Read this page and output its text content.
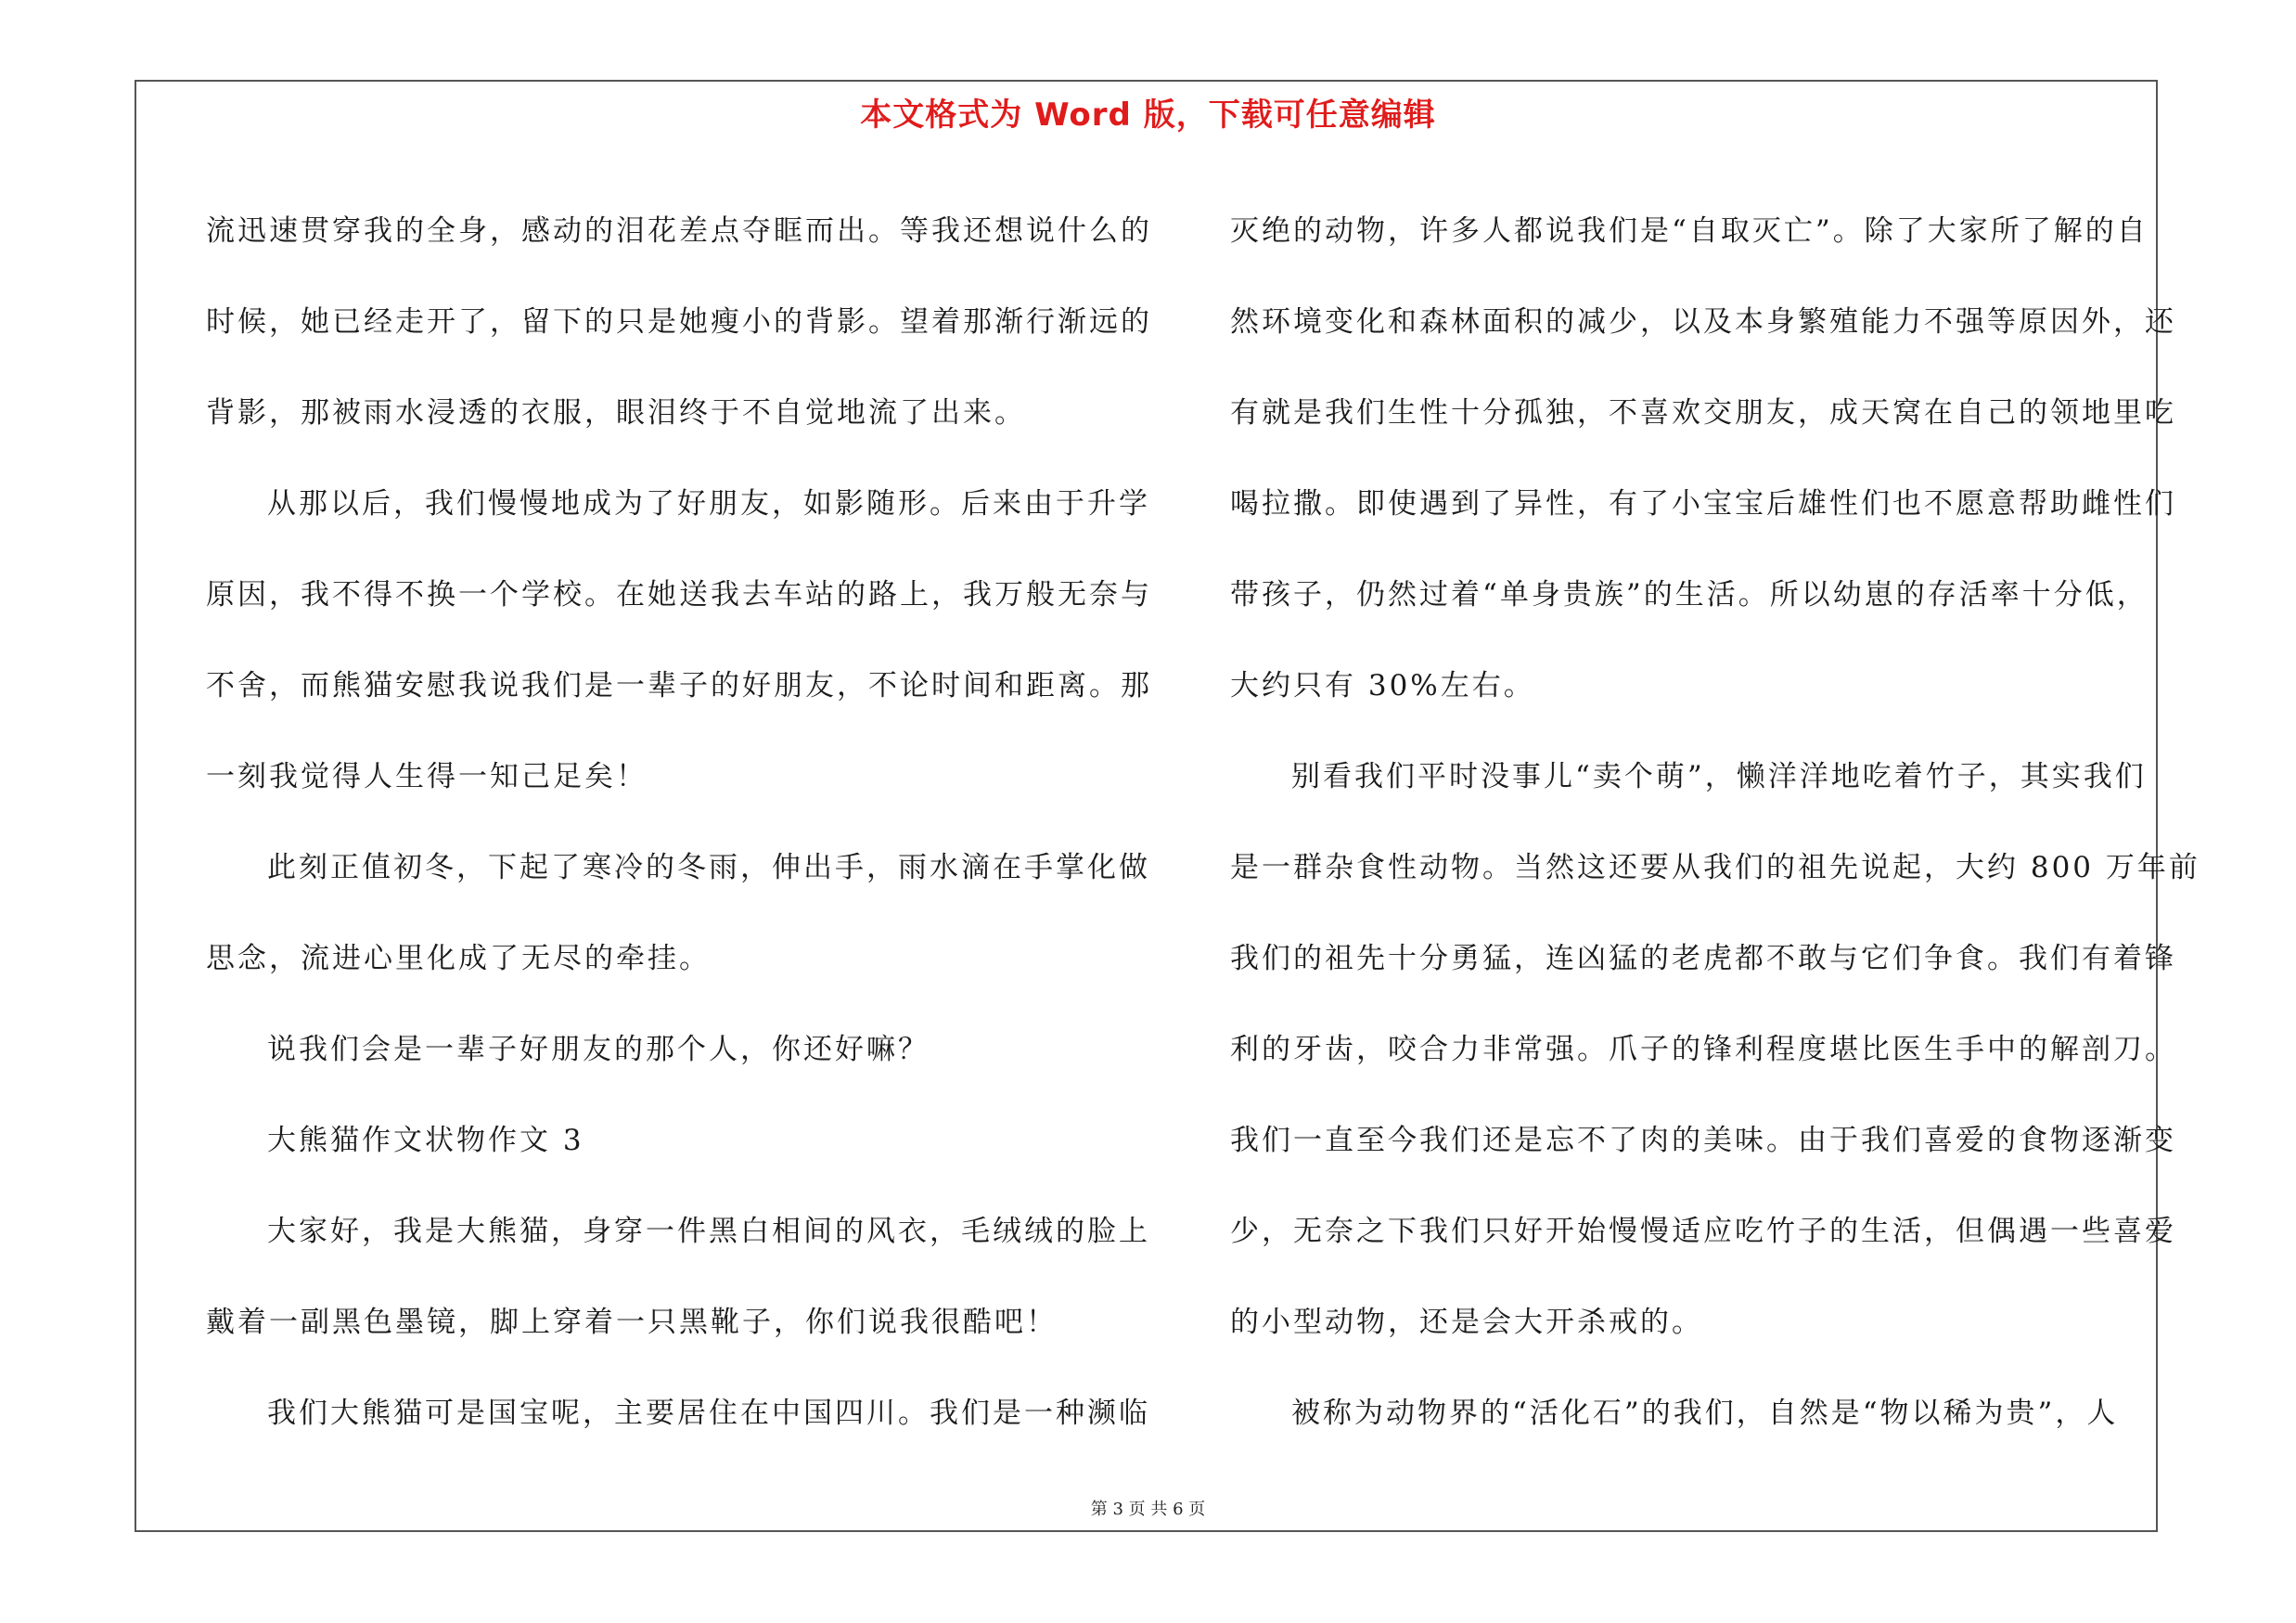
本文格式为 Word 版，下载可任意编辑
流迅速贯穿我的全身，感动的泪花差点夺眶而出。等我还想说什么的
时候，她已经走开了，留下的只是她瘦小的背影。望着那渐行渐远的
背影，那被雨水浸透的衣服，眼泪终于不自觉地流了出来。
从那以后，我们慢慢地成为了好朋友，如影随形。后来由于升学
原因，我不得不换一个学校。在她送我去车站的路上，我万般无奈与
不舍，而熊猫安慰我说我们是一辈子的好朋友，不论时间和距离。那
一刻我觉得人生得一知己足矣！
此刻正值初冬，下起了寒冷的冬雨，伸出手，雨水滴在手掌化做
思念，流进心里化成了无尽的牵挂。
说我们会是一辈子好朋友的那个人，你还好嘛？
大熊猫作文状物作文 3
大家好，我是大熊猫，身穿一件黑白相间的风衣，毛绒绒的脸上
戴着一副黑色墨镜，脚上穿着一只黑靴子，你们说我很酷吧！
我们大熊猫可是国宝呢，主要居住在中国四川。我们是一种濒临
灭绝的动物，许多人都说我们是“自取灭亡”。除了大家所了解的自
然环境变化和森林面积的减少，以及本身繁殖能力不强等原因外，还
有就是我们生性十分孤独，不喜欢交朋友，成天窝在自己的领地里吃
喝拉撒。即使遇到了异性，有了小宝宝后雄性们也不愿意帮助雌性们
带孩子，仍然过着“单身贵族”的生活。所以幼崽的存活率十分低，
大约只有 30%左右。
别看我们平时没事儿“卖个萌”，懒洋洋地吃着竹子，其实我们
是一群杂食性动物。当然这还要从我们的祖先说起，大约 800 万年前
我们的祖先十分勇猛，连凶猛的老虎都不敢与它们争食。我们有着锋
利的牙齿，咬合力非常强。爪子的锋利程度堪比医生手中的解剖刀。
我们一直至今我们还是忘不了肉的美味。由于我们喜爱的食物逐渐变
少，无奈之下我们只好开始慢慢适应吃竹子的生活，但偶遇一些喜爱
的小型动物，还是会大开杀戒的。
被称为动物界的“活化石”的我们，自然是“物以稀为贵”，人
第 3 页 共 6 页
